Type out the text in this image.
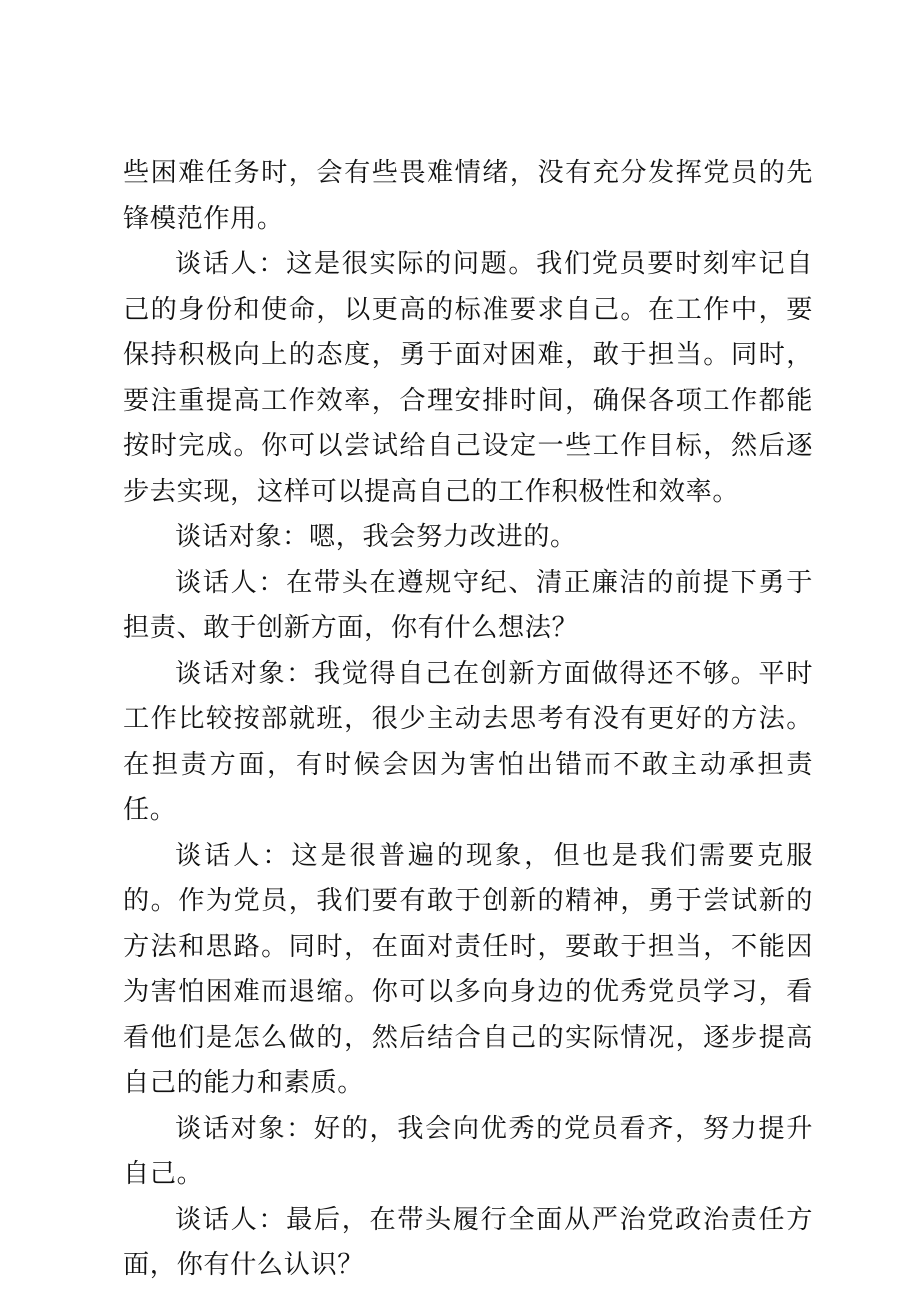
些困难任务时，会有些畏难情绪，没有充分发挥党员的先锋模范作用。

谈话人：这是很实际的问题。我们党员要时刻牢记自己的身份和使命，以更高的标准要求自己。在工作中，要保持积极向上的态度，勇于面对困难，敢于担当。同时，要注重提高工作效率，合理安排时间，确保各项工作都能按时完成。你可以尝试给自己设定一些工作目标，然后逐步去实现，这样可以提高自己的工作积极性和效率。

谈话对象：嗯，我会努力改进的。

谈话人：在带头在遵规守纪、清正廉洁的前提下勇于担责、敢于创新方面，你有什么想法？

谈话对象：我觉得自己在创新方面做得还不够。平时工作比较按部就班，很少主动去思考有没有更好的方法。在担责方面，有时候会因为害怕出错而不敢主动承担责任。

谈话人：这是很普遍的现象，但也是我们需要克服的。作为党员，我们要有敢于创新的精神，勇于尝试新的方法和思路。同时，在面对责任时，要敢于担当，不能因为害怕困难而退缩。你可以多向身边的优秀党员学习，看看他们是怎么做的，然后结合自己的实际情况，逐步提高自己的能力和素质。

谈话对象：好的，我会向优秀的党员看齐，努力提升自己。

谈话人：最后，在带头履行全面从严治党政治责任方面，你有什么认识？
